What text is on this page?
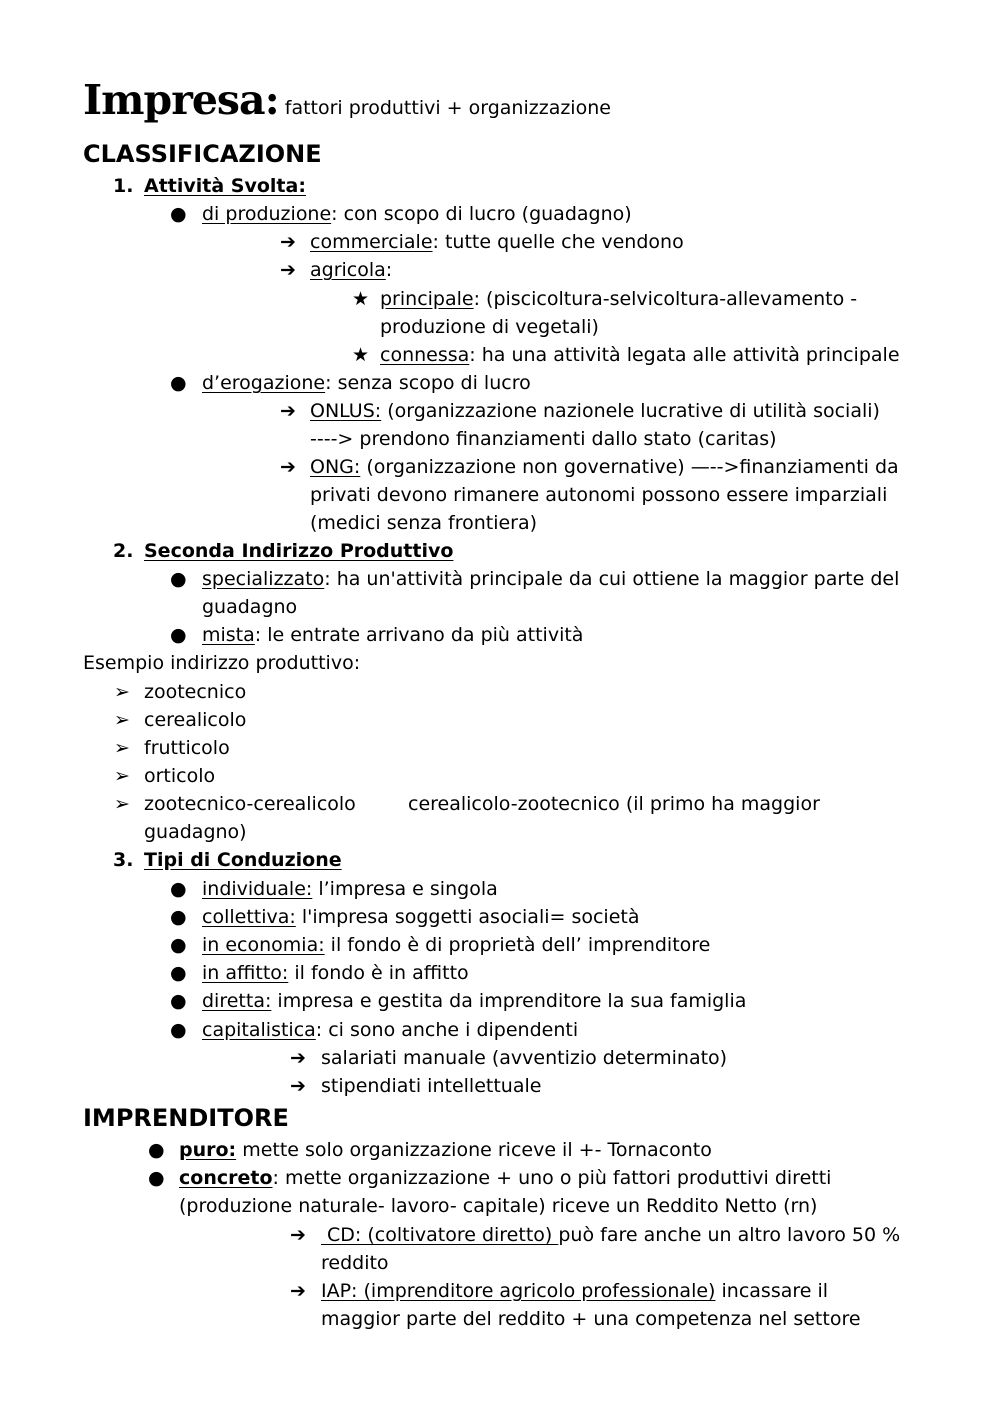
Impresa: fattori produttivi + organizzazione
CLASSIFICAZIONE
1. Attività Svolta:
● di produzione: con scopo di lucro (guadagno)
➔ commerciale: tutte quelle che vendono
➔ agricola:
★ principale: (piscicoltura-selvicoltura-allevamento -
produzione di vegetali)
★ connessa: ha una attività legata alle attività principale
● d’erogazione: senza scopo di lucro
➔ ONLUS: (organizzazione nazionele lucrative di utilità sociali)
----> prendono finanziamenti dallo stato (caritas)
➔ ONG: (organizzazione non governative) —-->finanziamenti da
privati devono rimanere autonomi possono essere imparziali
(medici senza frontiera)
2. Seconda Indirizzo Produttivo
● specializzato: ha un'attività principale da cui ottiene la maggior parte del
guadagno
● mista: le entrate arrivano da più attività
Esempio indirizzo produttivo:
➢ zootecnico
➢ cerealicolo
➢ frutticolo
➢ orticolo
➢ zootecnico-cerealicolo	cerealicolo-zootecnico (il primo ha maggior
guadagno)
3. Tipi di Conduzione
● individuale: l’impresa e singola
● collettiva: l'impresa soggetti asociali= società
● in economia: il fondo è di proprietà dell’ imprenditore
● in affitto: il fondo è in affitto
● diretta: impresa e gestita da imprenditore la sua famiglia
● capitalistica: ci sono anche i dipendenti
➔ salariati manuale (avventizio determinato)
➔ stipendiati intellettuale
IMPRENDITORE
● puro: mette solo organizzazione riceve il +- Tornaconto
● concreto: mette organizzazione + uno o più fattori produttivi diretti
(produzione naturale- lavoro- capitale) riceve un Reddito Netto (rn)
➔ CD: (coltivatore diretto) può fare anche un altro lavoro 50 %
reddito
➔ IAP: (imprenditore agricolo professionale) incassare il
maggior parte del reddito + una competenza nel settore
